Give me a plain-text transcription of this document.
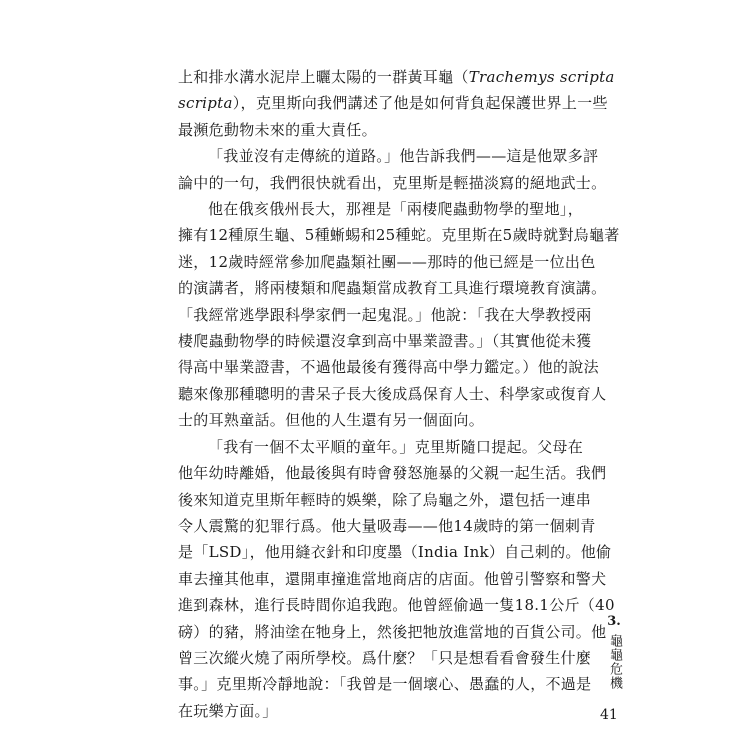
上和排水溝水泥岸上曬太陽的一群黃耳龜（Trachemys scripta
scripta），克里斯向我們講述了他是如何背負起保護世界上一些
最瀕危動物未來的重大責任。

「我並沒有走傳統的道路。」他告訴我們——這是他眾多評
論中的一句，我們很快就看出，克里斯是輕描淡寫的絕地武士。

他在俄亥俄州長大，那裡是「兩棲爬蟲動物學的聖地」，
擁有12種原生龜、5種蜥蜴和25種蛇。克里斯在5歲時就對烏龜著
迷，12歲時經常參加爬蟲類社團——那時的他已經是一位出色
的演講者，將兩棲類和爬蟲類當成教育工具進行環境教育演講。
「我經常逃學跟科學家們一起鬼混。」他說：「我在大學教授兩
棲爬蟲動物學的時候還沒拿到高中畢業證書。」（其實他從未獲
得高中畢業證書，不過他最後有獲得高中學力鑑定。）他的說法
聽來像那種聰明的書呆子長大後成爲保育人士、科學家或復育人
士的耳熟童話。但他的人生還有另一個面向。

「我有一個不太平順的童年。」克里斯隨口提起。父母在
他年幼時離婚，他最後與有時會發怒施暴的父親一起生活。我們
後來知道克里斯年輕時的娛樂，除了烏龜之外，還包括一連串
令人震驚的犯罪行爲。他大量吸毒——他14歲時的第一個刺青
是「LSD」，他用縫衣針和印度墨（India Ink）自己刺的。他偷
車去撞其他車，還開車撞進當地商店的店面。他曾引警察和警犬
進到森林，進行長時間你追我跑。他曾經偷過一隻18.1公斤（40
磅）的豬，將油塗在牠身上，然後把牠放進當地的百貨公司。他
曾三次縱火燒了兩所學校。爲什麼？「只是想看看會發生什麼
事。」克里斯冷靜地說：「我曾是一個壞心、愚蠢的人，不過是
在玩樂方面。」

3.
龜龜危機
41
